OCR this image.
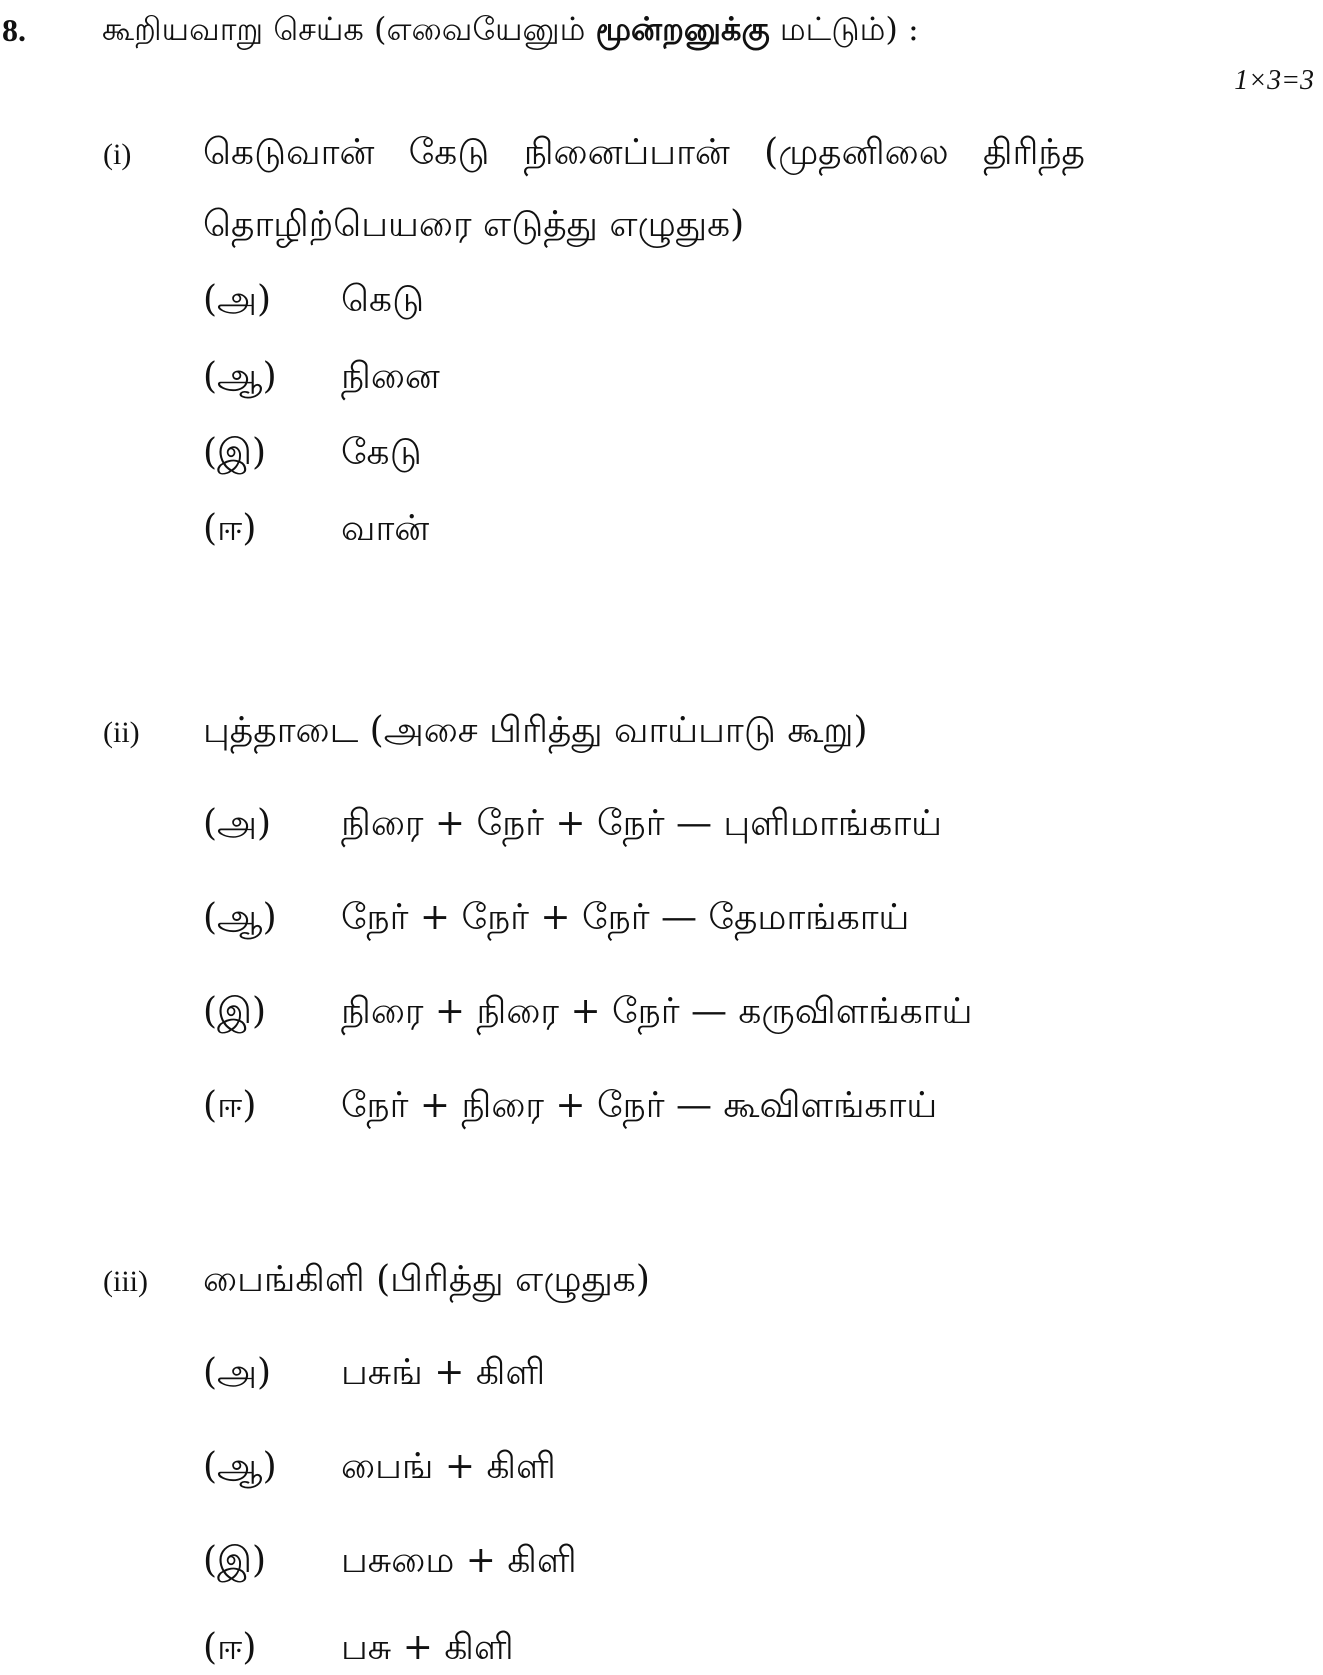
8. கூறியவாறு செய்க (எவையேனும் மூன்றனுக்கு மட்டும்) :
1×3=3
(i) கெடுவான்   கேடு   நினைப்பான்   (முதனிலை   திரிந்த
தொழிற்பெயரை எடுத்து எழுதுக)
(அ) கெடு
(ஆ) நினை
(இ) கேடு
(ஈ) வான்
(ii) புத்தாடை (அசை பிரித்து வாய்பாடு கூறு)
(அ) நிரை + நேர் + நேர் — புளிமாங்காய்
(ஆ) நேர் + நேர் + நேர் — தேமாங்காய்
(இ) நிரை + நிரை + நேர் — கருவிளங்காய்
(ஈ) நேர் + நிரை + நேர் — கூவிளங்காய்
(iii) பைங்கிளி (பிரித்து எழுதுக)
(அ) பசுங் + கிளி
(ஆ) பைங் + கிளி
(இ) பசுமை + கிளி
(ஈ) பசு + கிளி
